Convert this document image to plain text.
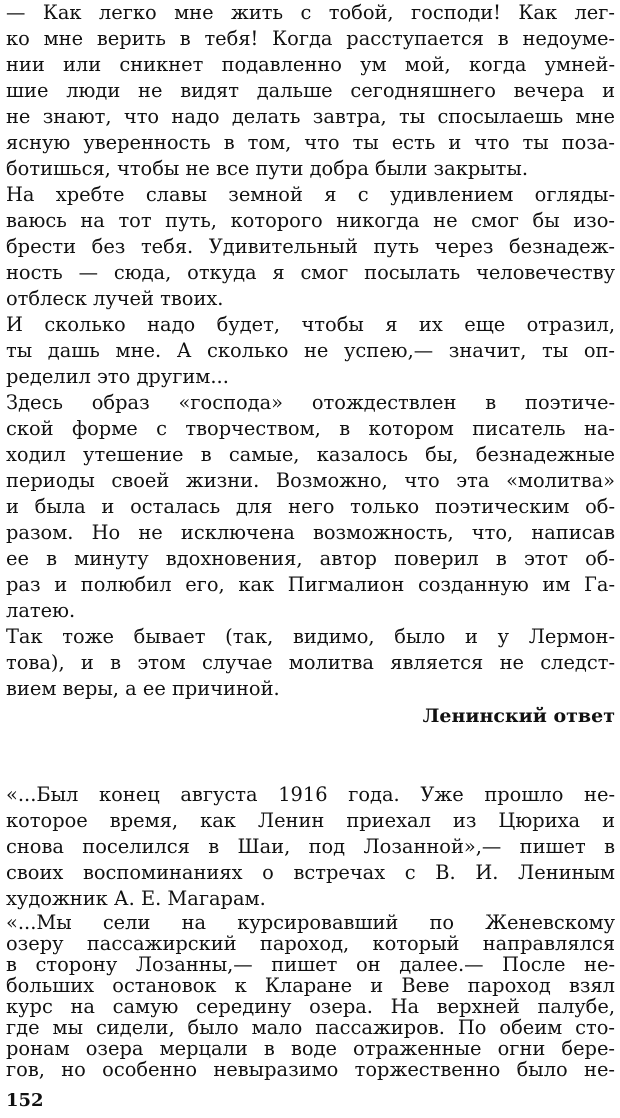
— Как легко мне жить с тобой, господи! Как лег-
ко мне верить в тебя! Когда расступается в недоуме-
нии или сникнет подавленно ум мой, когда умней-
шие люди не видят дальше сегодняшнего вечера и
не знают, что надо делать завтра, ты спосылаешь мне
ясную уверенность в том, что ты есть и что ты поза-
ботишься, чтобы не все пути добра были закрыты.
На хребте славы земной я с удивлением огляды-
ваюсь на тот путь, которого никогда не смог бы изо-
брести без тебя. Удивительный путь через безнадеж-
ность — сюда, откуда я смог посылать человечеству
отблеск лучей твоих.
И сколько надо будет, чтобы я их еще отразил,
ты дашь мне. А сколько не успею,— значит, ты оп-
ределил это другим...
Здесь образ «господа» отождествлен в поэтиче-
ской форме с творчеством, в котором писатель на-
ходил утешение в самые, казалось бы, безнадежные
периоды своей жизни. Возможно, что эта «молитва»
и была и осталась для него только поэтическим об-
разом. Но не исключена возможность, что, написав
ее в минуту вдохновения, автор поверил в этот об-
раз и полюбил его, как Пигмалион созданную им Га-
латею.
Так тоже бывает (так, видимо, было и у Лермон-
това), и в этом случае молитва является не следст-
вием веры, а ее причиной.
Ленинский ответ
«...Был конец августа 1916 года. Уже прошло не-
которое время, как Ленин приехал из Цюриха и
снова поселился в Шаи, под Лозанной»,— пишет в
своих воспоминаниях о встречах с В. И. Лениным
художник А. Е. Магарам.
«...Мы сели на курсировавший по Женевскому
озеру пассажирский пароход, который направлялся
в сторону Лозанны,— пишет он далее.— После не-
больших остановок к Кларане и Веве пароход взял
курс на самую середину озера. На верхней палубе,
где мы сидели, было мало пассажиров. По обеим сто-
ронам озера мерцали в воде отраженные огни бере-
гов, но особенно невыразимо торжественно было не-
152
